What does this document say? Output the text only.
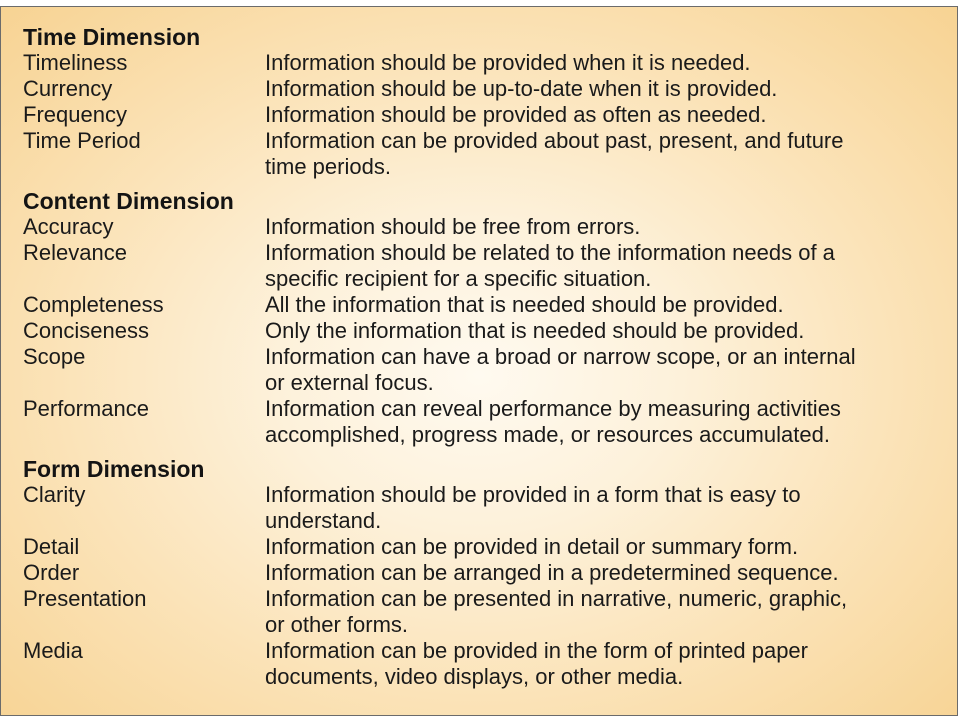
Time Dimension
Timeliness	Information should be provided when it is needed.
Currency	Information should be up-to-date when it is provided.
Frequency	Information should be provided as often as needed.
Time Period	Information can be provided about past, present, and future
time periods.
Content Dimension
Accuracy	Information should be free from errors.
Relevance	Information should be related to the information needs of a
specific recipient for a specific situation.
Completeness	All the information that is needed should be provided.
Conciseness	Only the information that is needed should be provided.
Scope	Information can have a broad or narrow scope, or an internal
or external focus.
Performance	Information can reveal performance by measuring activities
accomplished, progress made, or resources accumulated.
Form Dimension
Clarity	Information should be provided in a form that is easy to
understand.
Detail	Information can be provided in detail or summary form.
Order	Information can be arranged in a predetermined sequence.
Presentation	Information can be presented in narrative, numeric, graphic,
or other forms.
Media	Information can be provided in the form of printed paper
documents, video displays, or other media.
